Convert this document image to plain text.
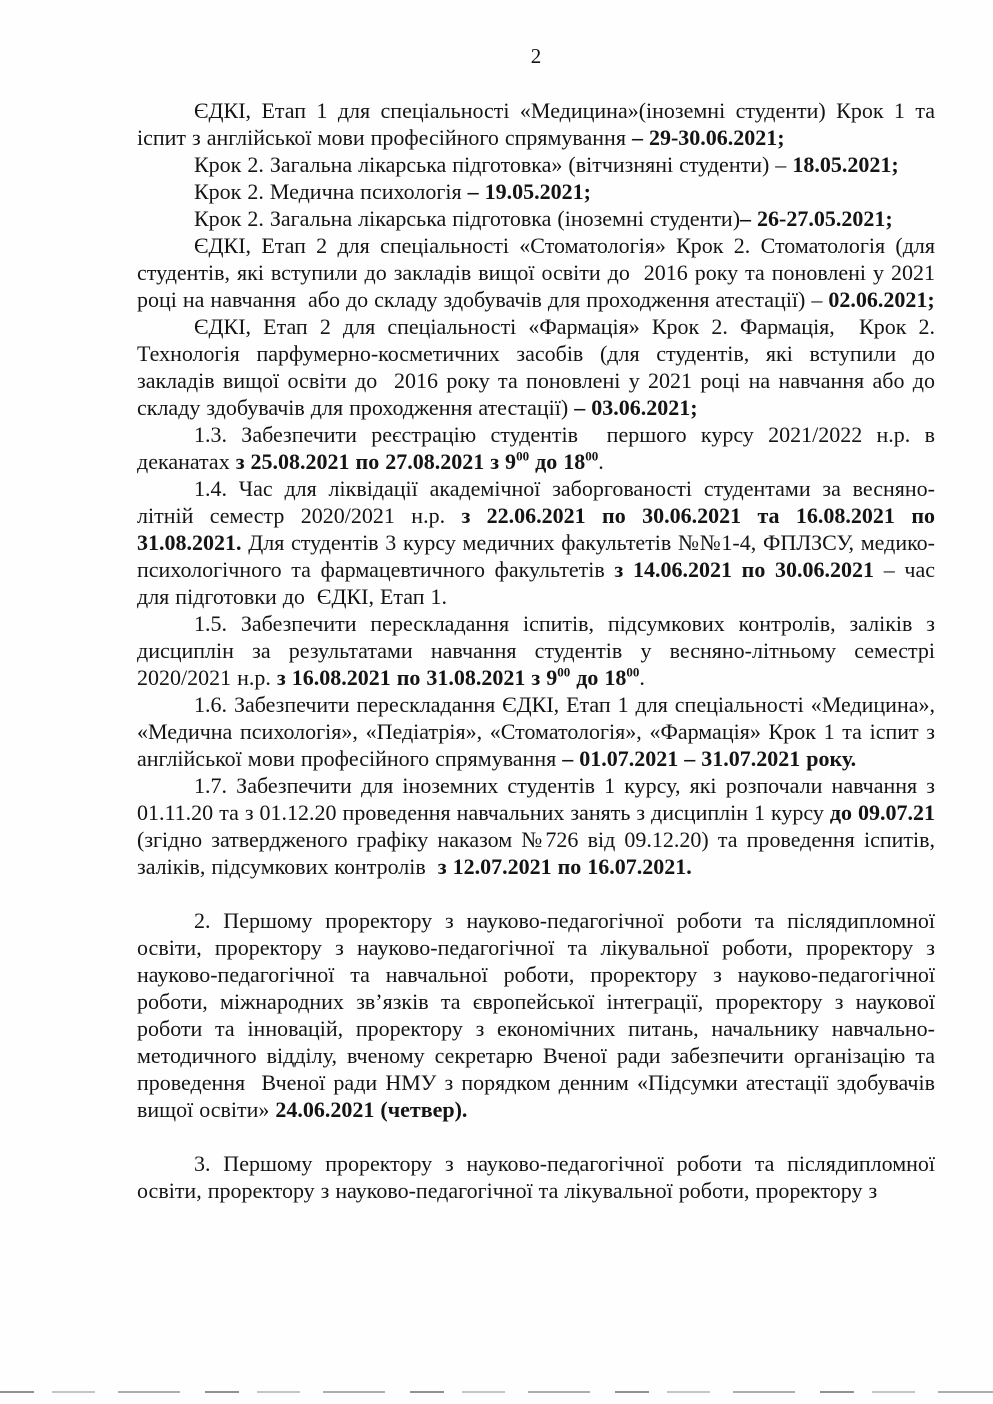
2

ЄДКІ, Етап 1 для спеціальності «Медицина»(іноземні студенти) Крок 1 та іспит з англійської мови професійного спрямування – 29-30.06.2021;

Крок 2. Загальна лікарська підготовка» (вітчизняні студенти) – 18.05.2021;

Крок 2. Медична психологія – 19.05.2021;

Крок 2. Загальна лікарська підготовка (іноземні студенти)– 26-27.05.2021;

ЄДКІ, Етап 2 для спеціальності «Стоматологія» Крок 2. Стоматологія (для студентів, які вступили до закладів вищої освіти до  2016 року та поновлені у 2021 році на навчання  або до складу здобувачів для проходження атестації) – 02.06.2021;

ЄДКІ, Етап 2 для спеціальності «Фармація» Крок 2. Фармація,  Крок 2. Технологія парфумерно-косметичних засобів (для студентів, які вступили до закладів вищої освіти до  2016 року та поновлені у 2021 році на навчання або до складу здобувачів для проходження атестації) – 03.06.2021;

1.3. Забезпечити реєстрацію студентів  першого курсу 2021/2022 н.р. в деканатах з 25.08.2021 по 27.08.2021 з $9^{00}$ до $18^{00}$.

1.4. Час для ліквідації академічної заборгованості студентами за весняно-літній семестр 2020/2021 н.р. з 22.06.2021 по 30.06.2021 та 16.08.2021 по 31.08.2021. Для студентів 3 курсу медичних факультетів №№1-4, ФПЛЗСУ, медико-психологічного та фармацевтичного факультетів з 14.06.2021 по 30.06.2021 – час для підготовки до  ЄДКІ, Етап 1.

1.5. Забезпечити перескладання іспитів, підсумкових контролів, заліків з дисциплін за результатами навчання студентів у весняно-літньому семестрі 2020/2021 н.р. з 16.08.2021 по 31.08.2021 з $9^{00}$ до $18^{00}$.

1.6. Забезпечити перескладання ЄДКІ, Етап 1 для спеціальності «Медицина», «Медична психологія», «Педіатрія», «Стоматологія», «Фармація» Крок 1 та іспит з англійської мови професійного спрямування – 01.07.2021 – 31.07.2021 року.

1.7. Забезпечити для іноземних студентів 1 курсу, які розпочали навчання з 01.11.20 та з 01.12.20 проведення навчальних занять з дисциплін 1 курсу до 09.07.21 (згідно затвердженого графіку наказом №726 від 09.12.20) та проведення іспитів, заліків, підсумкових контролів  з 12.07.2021 по 16.07.2021.

2. Першому проректору з науково-педагогічної роботи та післядипломної освіти, проректору з науково-педагогічної та лікувальної роботи, проректору з науково-педагогічної та навчальної роботи, проректору з науково-педагогічної роботи, міжнародних зв’язків та європейської інтеграції, проректору з наукової роботи та інновацій, проректору з економічних питань, начальнику навчально-методичного відділу, вченому секретарю Вченої ради забезпечити організацію та проведення  Вченої ради НМУ з порядком денним «Підсумки атестації здобувачів вищої освіти» 24.06.2021 (четвер).

3. Першому проректору з науково-педагогічної роботи та післядипломної освіти, проректору з науково-педагогічної та лікувальної роботи, проректору з
